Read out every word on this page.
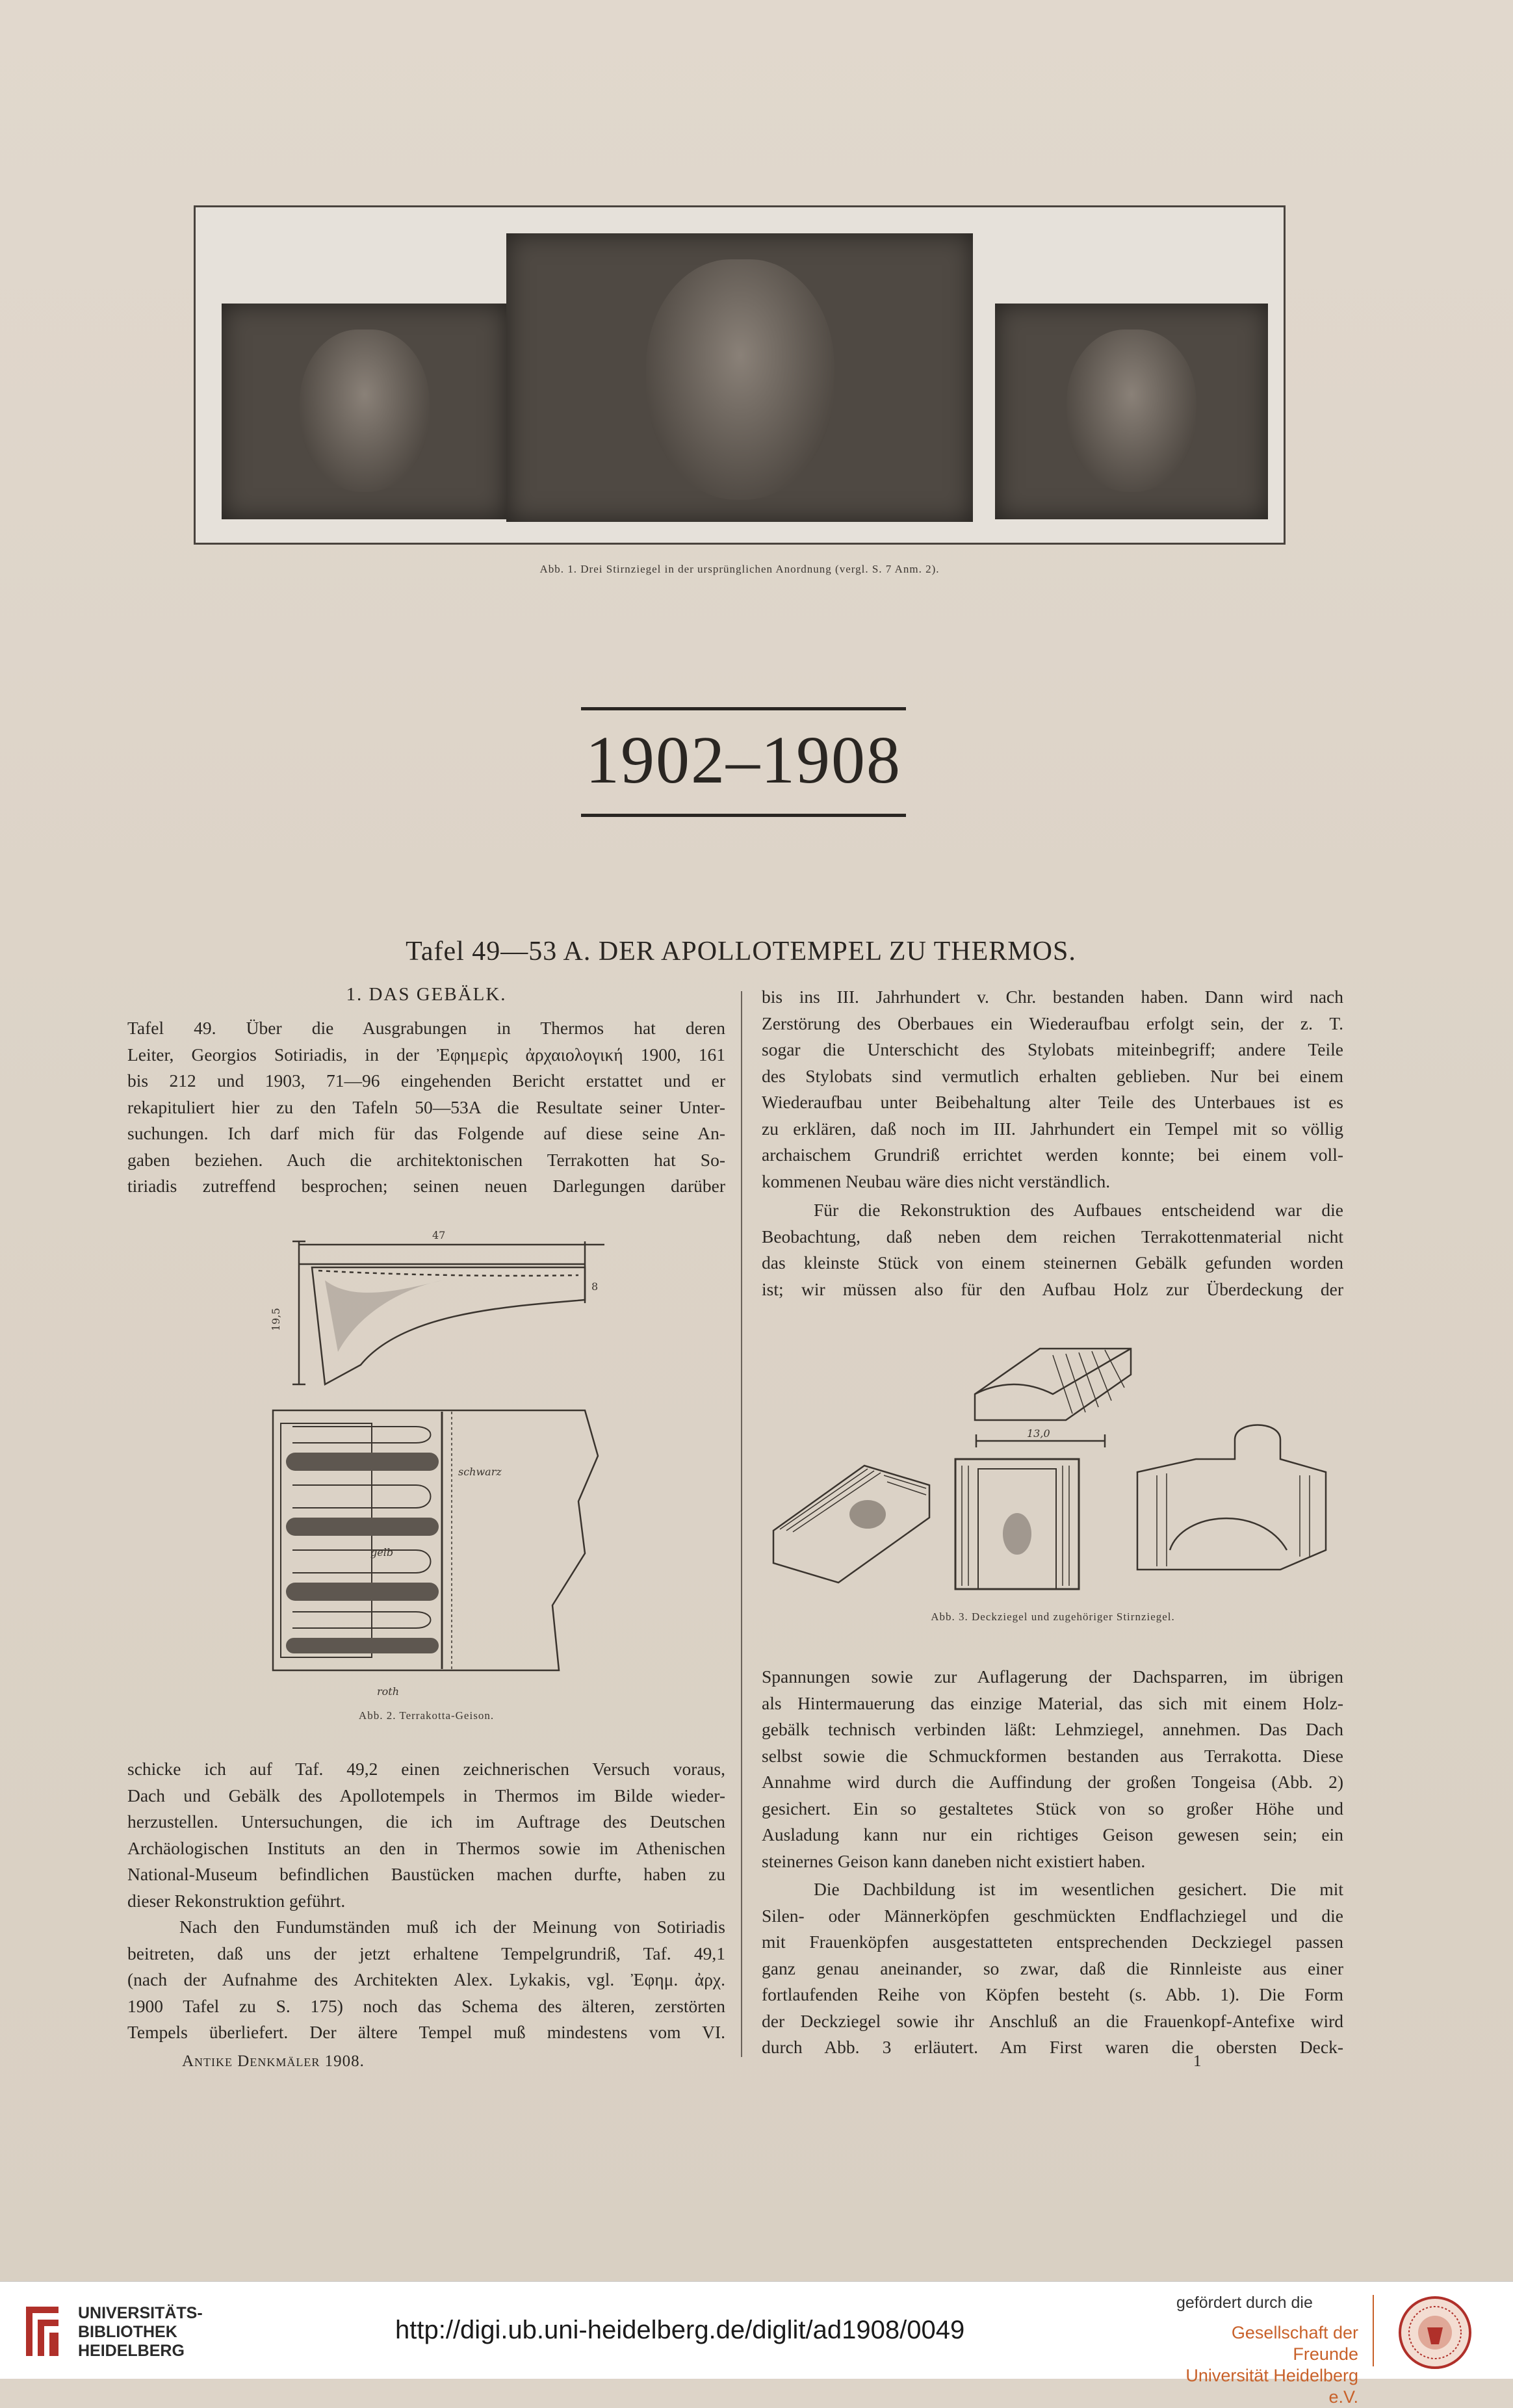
Abb. 1. Drei Stirnziegel in der ursprünglichen Anordnung (vergl. S. 7 Anm. 2).
1902–1908
Tafel 49—53 A. DER APOLLOTEMPEL ZU THERMOS.
1. DAS GEBÄLK.
Tafel 49. Über die Ausgrabungen in Thermos hat deren
Leiter, Georgios Sotiriadis, in der Ἐφημερὶς ἀρχαιολογική 1900, 161
bis 212 und 1903, 71—96 eingehenden Bericht erstattet und er
rekapituliert hier zu den Tafeln 50—53A die Resultate seiner Unter-
suchungen. Ich darf mich für das Folgende auf diese seine An-
gaben beziehen. Auch die architektonischen Terrakotten hat So-
tiriadis zutreffend besprochen; seinen neuen Darlegungen darüber
47
8
19,5
schwarz
gelb
roth
Abb. 2. Terrakotta-Geison.
schicke ich auf Taf. 49,2 einen zeichnerischen Versuch voraus,
Dach und Gebälk des Apollotempels in Thermos im Bilde wieder-
herzustellen. Untersuchungen, die ich im Auftrage des Deutschen
Archäologischen Instituts an den in Thermos sowie im Athenischen
National-Museum befindlichen Baustücken machen durfte, haben zu
dieser Rekonstruktion geführt.
Nach den Fundumständen muß ich der Meinung von Sotiriadis
beitreten, daß uns der jetzt erhaltene Tempelgrundriß, Taf. 49,1
(nach der Aufnahme des Architekten Alex. Lykakis, vgl. Ἐφημ. ἀρχ.
1900 Tafel zu S. 175) noch das Schema des älteren, zerstörten
Tempels überliefert. Der ältere Tempel muß mindestens vom VI.
Antike Denkmäler 1908.
bis ins III. Jahrhundert v. Chr. bestanden haben. Dann wird nach
Zerstörung des Oberbaues ein Wiederaufbau erfolgt sein, der z. T.
sogar die Unterschicht des Stylobats miteinbegriff; andere Teile
des Stylobats sind vermutlich erhalten geblieben. Nur bei einem
Wiederaufbau unter Beibehaltung alter Teile des Unterbaues ist es
zu erklären, daß noch im III. Jahrhundert ein Tempel mit so völlig
archaischem Grundriß errichtet werden konnte; bei einem voll-
kommenen Neubau wäre dies nicht verständlich.
Für die Rekonstruktion des Aufbaues entscheidend war die
Beobachtung, daß neben dem reichen Terrakottenmaterial nicht
das kleinste Stück von einem steinernen Gebälk gefunden worden
ist; wir müssen also für den Aufbau Holz zur Überdeckung der
13,0
Abb. 3. Deckziegel und zugehöriger Stirnziegel.
Spannungen sowie zur Auflagerung der Dachsparren, im übrigen
als Hintermauerung das einzige Material, das sich mit einem Holz-
gebälk technisch verbinden läßt: Lehmziegel, annehmen. Das Dach
selbst sowie die Schmuckformen bestanden aus Terrakotta. Diese
Annahme wird durch die Auffindung der großen Tongeisa (Abb. 2)
gesichert. Ein so gestaltetes Stück von so großer Höhe und
Ausladung kann nur ein richtiges Geison gewesen sein; ein
steinernes Geison kann daneben nicht existiert haben.
Die Dachbildung ist im wesentlichen gesichert. Die mit
Silen- oder Männerköpfen geschmückten Endflachziegel und die
mit Frauenköpfen ausgestatteten entsprechenden Deckziegel passen
ganz genau aneinander, so zwar, daß die Rinnleiste aus einer
fortlaufenden Reihe von Köpfen besteht (s. Abb. 1). Die Form
der Deckziegel sowie ihr Anschluß an die Frauenkopf-Antefixe wird
durch Abb. 3 erläutert. Am First waren die obersten Deck-
1
UNIVERSITÄTS-
BIBLIOTHEK
HEIDELBERG
http://digi.ub.uni-heidelberg.de/diglit/ad1908/0049
gefördert durch die
Gesellschaft der Freunde
Universität Heidelberg e.V.
